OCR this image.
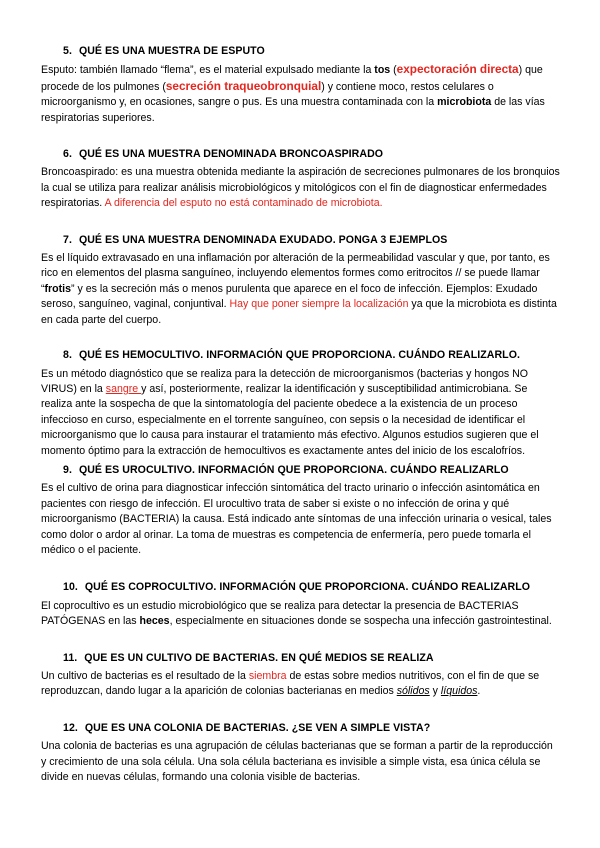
5. QUÉ ES UNA MUESTRA DE ESPUTO

Esputo: también llamado “flema”, es el material expulsado mediante la tos (expectoración directa) que procede de los pulmones (secreción traqueobronquial) y contiene moco, restos celulares o microorganismo y, en ocasiones, sangre o pus. Es una muestra contaminada con la microbiota de las vías respiratorias superiores.

6. QUÉ ES UNA MUESTRA DENOMINADA BRONCOASPIRADO

Broncoaspirado: es una muestra obtenida mediante la aspiración de secreciones pulmonares de los bronquios la cual se utiliza para realizar análisis microbiológicos y mitológicos con el fin de diagnosticar enfermedades respiratorias. A diferencia del esputo no está contaminado de microbiota.

7. QUÉ ES UNA MUESTRA DENOMINADA EXUDADO. PONGA 3 EJEMPLOS

Es el líquido extravasado en una inflamación por alteración de la permeabilidad vascular y que, por tanto, es rico en elementos del plasma sanguíneo, incluyendo elementos formes como eritrocitos // se puede llamar “frotis” y es la secreción más o menos purulenta que aparece en el foco de infección. Ejemplos: Exudado seroso, sanguíneo, vaginal, conjuntival. Hay que poner siempre la localización ya que la microbiota es distinta en cada parte del cuerpo.

8. QUÉ ES HEMOCULTIVO. INFORMACIÓN QUE PROPORCIONA. CUÁNDO REALIZARLO.

Es un método diagnóstico que se realiza para la detección de microorganismos (bacterias y hongos NO VIRUS) en la sangre y así, posteriormente, realizar la identificación y susceptibilidad antimicrobiana. Se realiza ante la sospecha de que la sintomatología del paciente obedece a la existencia de un proceso infeccioso en curso, especialmente en el torrente sanguíneo, con sepsis o la necesidad de identificar el microorganismo que lo causa para instaurar el tratamiento más efectivo. Algunos estudios sugieren que el momento óptimo para la extracción de hemocultivos es exactamente antes del inicio de los escalofríos.

9. QUÉ ES UROCULTIVO. INFORMACIÓN QUE PROPORCIONA. CUÁNDO REALIZARLO

Es el cultivo de orina para diagnosticar infección sintomática del tracto urinario o infección asintomática en pacientes con riesgo de infección. El urocultivo trata de saber si existe o no infección de orina y qué microorganismo (BACTERIA) la causa. Está indicado ante síntomas de una infección urinaria o vesical, tales como dolor o ardor al orinar. La toma de muestras es competencia de enfermería, pero puede tomarla el médico o el paciente.

10. QUÉ ES COPROCULTIVO. INFORMACIÓN QUE PROPORCIONA. CUÁNDO REALIZARLO

El coprocultivo es un estudio microbiológico que se realiza para detectar la presencia de BACTERIAS PATÓGENAS en las heces, especialmente en situaciones donde se sospecha una infección gastrointestinal.

11. QUE ES UN CULTIVO DE BACTERIAS. EN QUÉ MEDIOS SE REALIZA

Un cultivo de bacterias es el resultado de la siembra de estas sobre medios nutritivos, con el fin de que se reproduzcan, dando lugar a la aparición de colonias bacterianas en medios sólidos y líquidos.

12. QUE ES UNA COLONIA DE BACTERIAS. ¿SE VEN A SIMPLE VISTA?

Una colonia de bacterias es una agrupación de células bacterianas que se forman a partir de la reproducción y crecimiento de una sola célula. Una sola célula bacteriana es invisible a simple vista, esa única célula se divide en nuevas células, formando una colonia visible de bacterias.
